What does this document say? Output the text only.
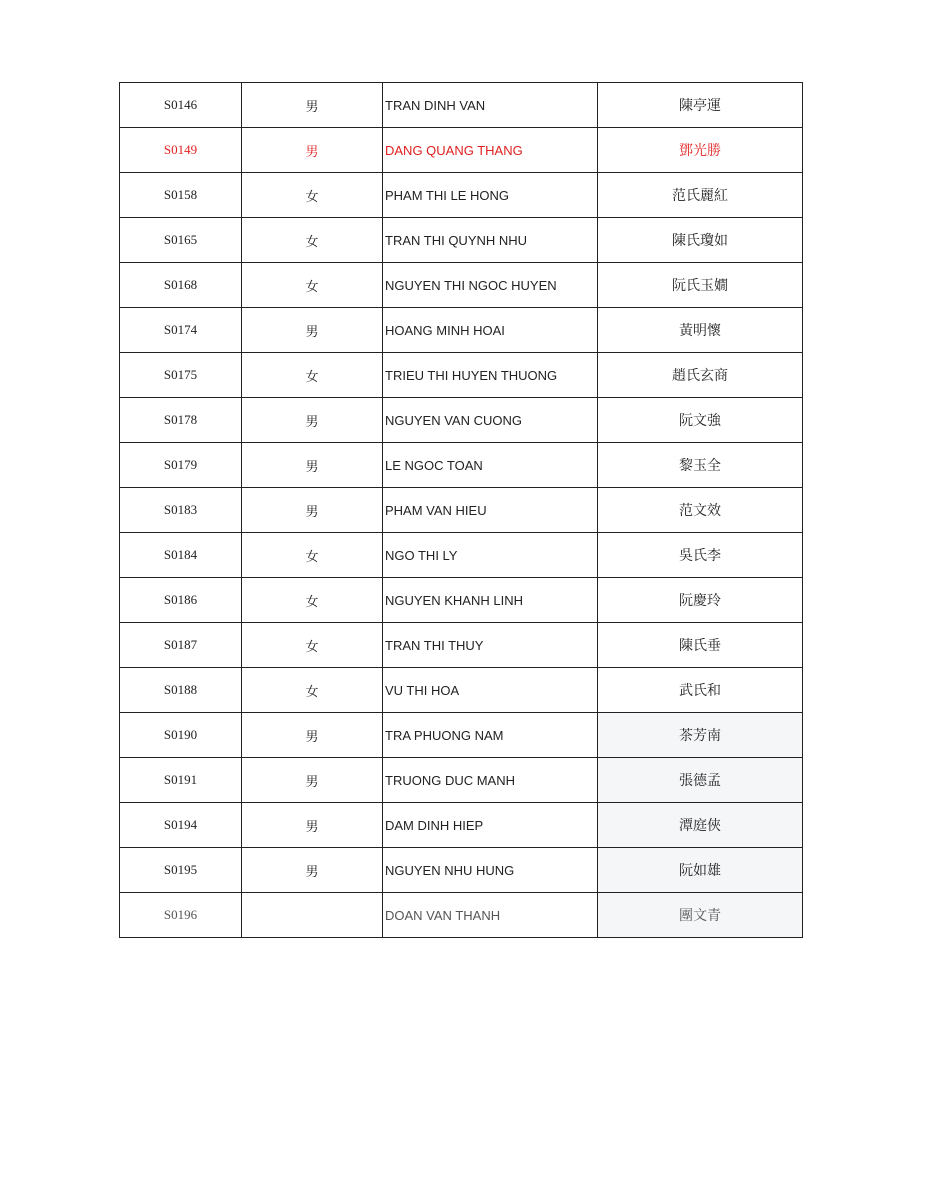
S0146	男	TRAN DINH VAN	陳亭運
S0149	男	DANG QUANG THANG	鄧光勝
S0158	女	PHAM THI LE HONG	范氏麗紅
S0165	女	TRAN THI QUYNH NHU	陳氏瓊如
S0168	女	NGUYEN THI NGOC HUYEN	阮氏玉嫺
S0174	男	HOANG MINH HOAI	黃明懷
S0175	女	TRIEU THI HUYEN THUONG	趙氏玄商
S0178	男	NGUYEN VAN CUONG	阮文強
S0179	男	LE NGOC TOAN	黎玉全
S0183	男	PHAM VAN HIEU	范文效
S0184	女	NGO THI LY	吳氏李
S0186	女	NGUYEN KHANH LINH	阮慶玲
S0187	女	TRAN THI THUY	陳氏垂
S0188	女	VU THI HOA	武氏和
S0190	男	TRA PHUONG NAM	茶芳南
S0191	男	TRUONG DUC MANH	張德孟
S0194	男	DAM DINH HIEP	潭庭俠
S0195	男	NGUYEN NHU HUNG	阮如雄
S0196		DOAN VAN THANH	團文青
